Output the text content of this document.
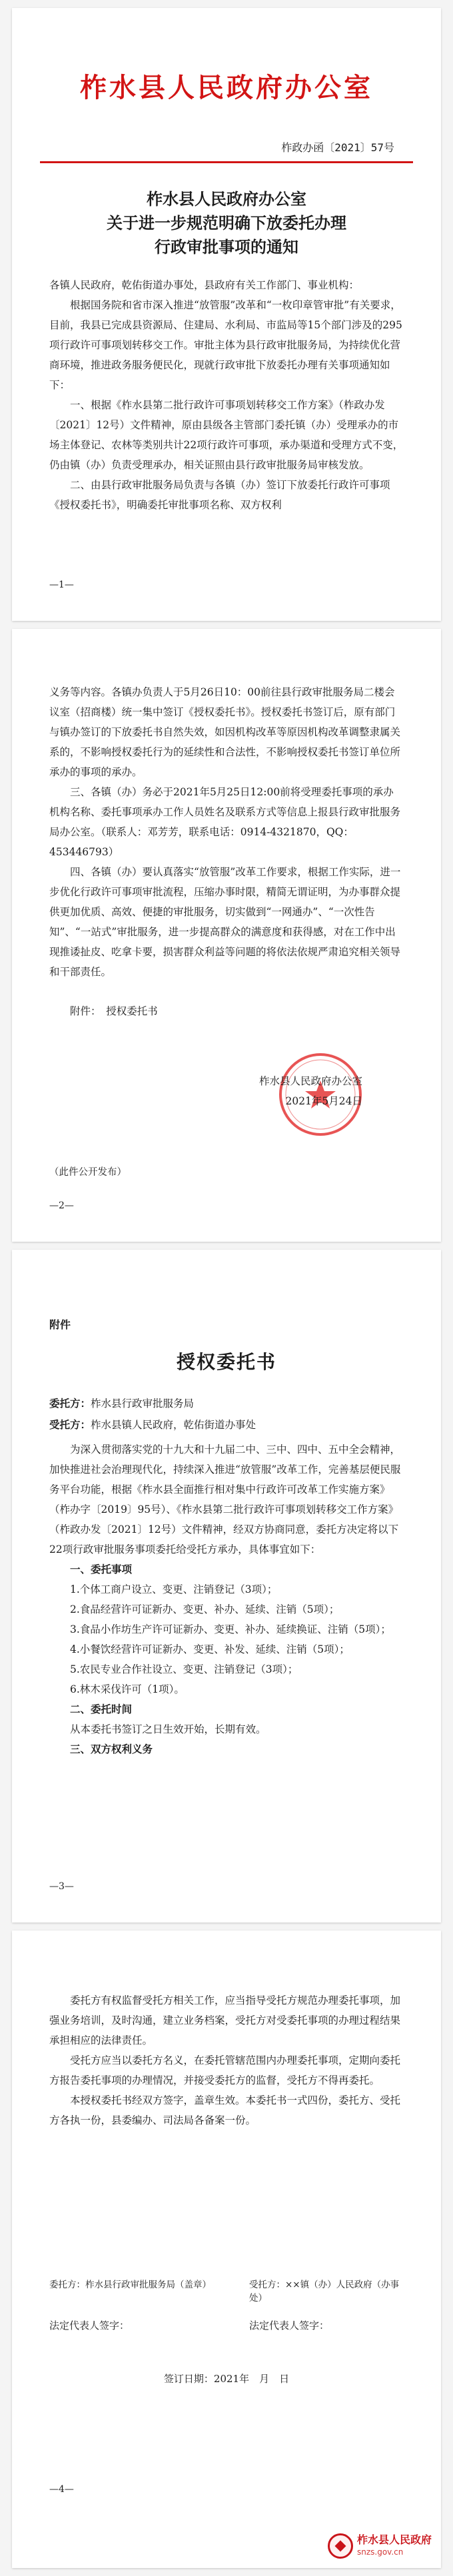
柞水县人民政府办公室
柞政办函〔2021〕57号
柞水县人民政府办公室
关于进一步规范明确下放委托办理
行政审批事项的通知

各镇人民政府，乾佑街道办事处，县政府有关工作部门、事业机构：

根据国务院和省市深入推进“放管服”改革和“一枚印章管审批”有关要求，目前，我县已完成县资源局、住建局、水利局、市监局等15个部门涉及的295项行政许可事项划转移交工作。审批主体为县行政审批服务局，为持续优化营商环境，推进政务服务便民化，现就行政审批下放委托办理有关事项通知如下：

一、根据《柞水县第二批行政许可事项划转移交工作方案》（柞政办发〔2021〕12号）文件精神，原由县级各主管部门委托镇（办）受理承办的市场主体登记、农林等类别共计22项行政许可事项，承办渠道和受理方式不变，仍由镇（办）负责受理承办，相关证照由县行政审批服务局审核发放。

二、由县行政审批服务局负责与各镇（办）签订下放委托行政许可事项《授权委托书》，明确委托审批事项名称、双方权利

—1—

义务等内容。各镇办负责人于5月26日10：00前往县行政审批服务局二楼会议室（招商楼）统一集中签订《授权委托书》。授权委托书签订后，原有部门与镇办签订的下放委托书自然失效，如因机构改革等原因机构改革调整隶属关系的，不影响授权委托行为的延续性和合法性，不影响授权委托书签订单位所承办的事项的承办。

三、各镇（办）务必于2021年5月25日12:00前将受理委托事项的承办机构名称、委托事项承办工作人员姓名及联系方式等信息上报县行政审批服务局办公室。（联系人：邓芳芳，联系电话：0914-4321870，QQ：453446793）

四、各镇（办）要认真落实“放管服”改革工作要求，根据工作实际，进一步优化行政许可事项审批流程，压缩办事时限，精简无谓证明，为办事群众提供更加优质、高效、便捷的审批服务，切实做到“一网通办”、“一次性告知”、“一站式”审批服务，进一步提高群众的满意度和获得感，对在工作中出现推诿扯皮、吃拿卡要，损害群众利益等问题的将依法依规严肃追究相关领导和干部责任。

附件： 授权委托书
柞水县人民政府办公室
2021年5月24日
（此件公开发布）
—2—
附件
授权委托书
委托方：柞水县行政审批服务局
受托方：柞水县镇人民政府，乾佑街道办事处

为深入贯彻落实党的十九大和十九届二中、三中、四中、五中全会精神，加快推进社会治理现代化，持续深入推进“放管服”改革工作，完善基层便民服务平台功能，根据《柞水县全面推行相对集中行政许可改革工作实施方案》（柞办字〔2019〕95号）、《柞水县第二批行政许可事项划转移交工作方案》（柞政办发〔2021〕12号）文件精神，经双方协商同意，委托方决定将以下22项行政审批服务事项委托给受托方承办，具体事宜如下：

一、委托事项

1.个体工商户设立、变更、注销登记（3项）；

2.食品经营许可证新办、变更、补办、延续、注销（5项）；

3.食品小作坊生产许可证新办、变更、补办、延续换证、注销（5项）；

4.小餐饮经营许可证新办、变更、补发、延续、注销（5项）；

5.农民专业合作社设立、变更、注销登记（3项）；

6.林木采伐许可（1项）。

二、委托时间

从本委托书签订之日生效开始，长期有效。

三、双方权利义务

—3—

委托方有权监督受托方相关工作，应当指导受托方规范办理委托事项，加强业务培训，及时沟通，建立业务档案，受托方对受委托事项的办理过程结果承担相应的法律责任。

受托方应当以委托方名义，在委托管辖范围内办理委托事项，定期向委托方报告委托事项的办理情况，并接受委托方的监督，受托方不得再委托。

本授权委托书经双方签字，盖章生效。本委托书一式四份，委托方、受托方各执一份，县委编办、司法局各备案一份。

委托方：柞水县行政审批服务局（盖章）	受托方：××镇（办）人民政府（办事处）
法定代表人签字：	法定代表人签字：
签订日期：2021年　月　日
—4—
柞水县人民政府
snzs.gov.cn
